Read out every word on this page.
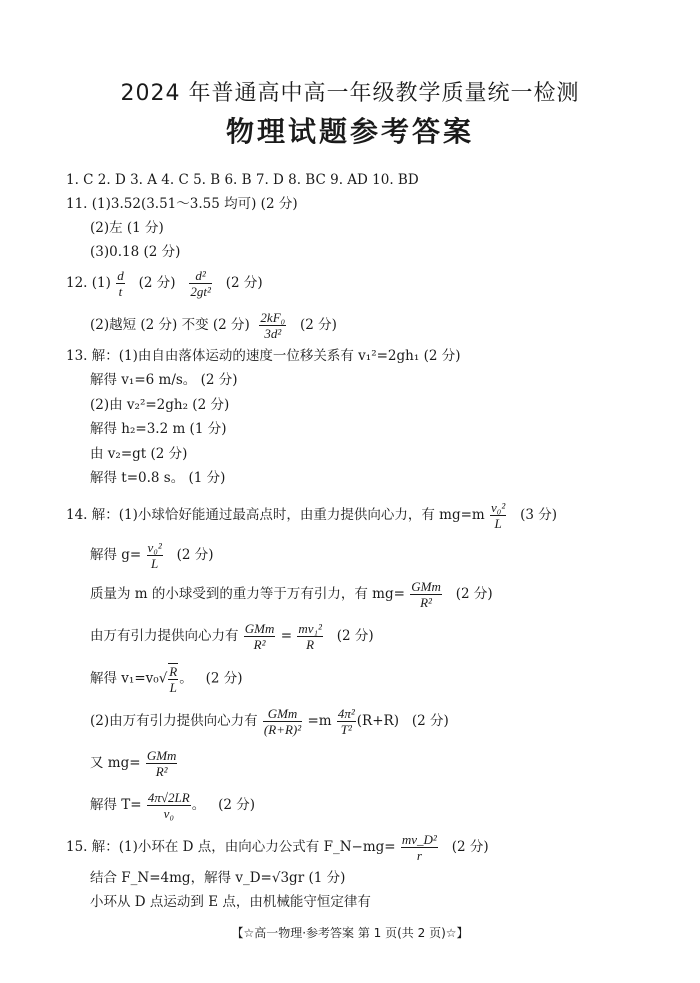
2024 年普通高中高一年级教学质量统一检测
物理试题参考答案
1. C 2. D 3. A 4. C 5. B 6. B 7. D 8. BC 9. AD 10. BD
11. (1)3.52(3.51～3.55 均可) (2 分)
(2)左 (1 分)
(3)0.18 (2 分)
12. $(1) \frac{d}{t} (2$ 分) $\frac{\text{d²}}{\text{2gt²}} (2$ 分)
(2)越短 (2 分) 不变 (2 分) $\frac{\text{2kF₀}}{\text{3d²}} (2$ 分)
13. 解：(1)由自由落体运动的速度一位移关系有 v₁²=2gh₁ (2 分)
解得 v₁=6 m/s。 (2 分)
(2)由 v₂²=2gh₂ (2 分)
解得 h₂=3.2 m (1 分)
由 v₂=gt (2 分)
解得 t=0.8 s。 (1 分)
14. 解：(1)小球恰好能通过最高点时，由重力提供向心力，有 $mg=m \frac{\text{v₀²}}{L} (3$ 分)
解得 $g= \frac{\text{v₀²}}{L} (2$ 分)
质量为 m 的小球受到的重力等于万有引力，有 mg= GMm
R²
(2 分)
由万有引力提供向心力有 GMm
R²
= $\frac{\text{mv₁²}}{R} (2$ 分)
解得 $v_1=v_0√ \frac{R}{L}$ 。 (2 分)
(2)由万有引力提供向心力有 GMm
(R+R)²
$=m \frac{\text{4π²}}{\text{T²}} (R+R)$ (2 分)
又 mg= GMm
R²
解得 $T= \frac{4\pi√2LR}{\text{v₀}}$ 。 (2 分)
15. 解：(1)小环在 D 点，由向心力公式有 F_N−mg= $\frac{\text{mv\_D²}}{r} (2$ 分)
结合 F_N=4mg，解得 v_D=√3gr (1 分)
小环从 D 点运动到 E 点，由机械能守恒定律有
【☆高一物理·参考答案 第 1 页(共 2 页)☆】
